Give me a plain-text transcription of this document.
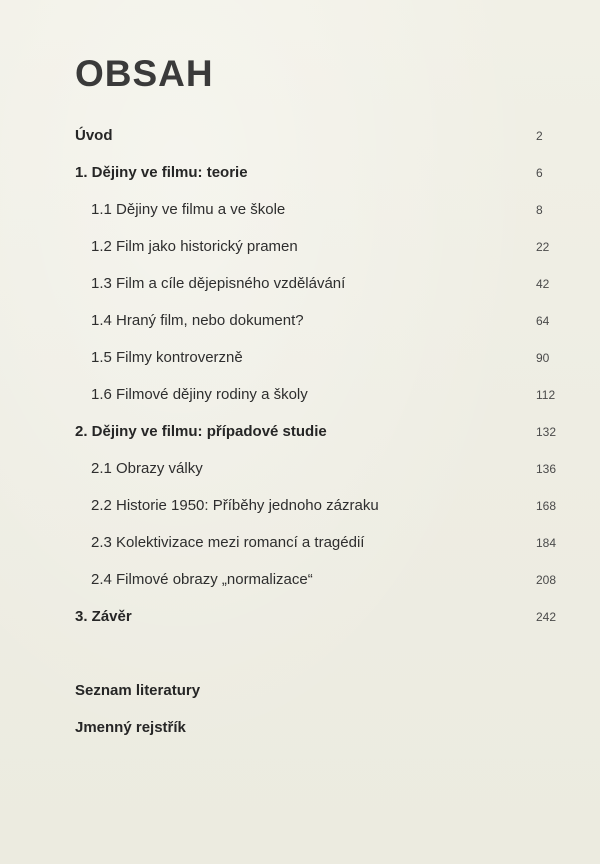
OBSAH
Úvod	2
1. Dějiny ve filmu: teorie	6
1.1 Dějiny ve filmu a ve škole	8
1.2 Film jako historický pramen	22
1.3 Film a cíle dějepisného vzdělávání	42
1.4 Hraný film, nebo dokument?	64
1.5 Filmy kontroverzně	90
1.6 Filmové dějiny rodiny a školy	112
2. Dějiny ve filmu: případové studie	132
2.1 Obrazy války	136
2.2 Historie 1950: Příběhy jednoho zázraku	168
2.3 Kolektivizace mezi romancí a tragédií	184
2.4 Filmové obrazy „normalizace“	208
3. Závěr	242
Seznam literatury
Jmenný rejstřík
